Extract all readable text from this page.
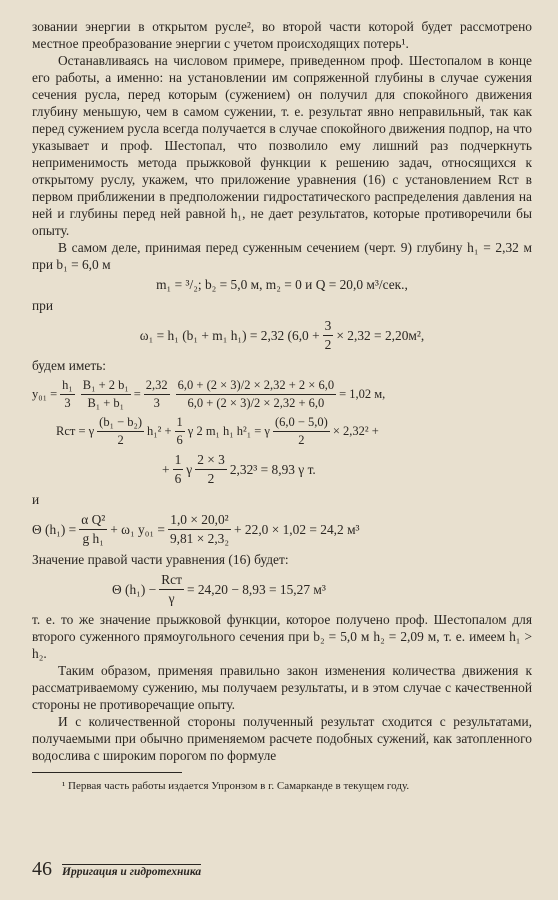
зовании энергии в открытом русле², во второй части которой будет рассмотрено местное преобразование энергии с учетом происходящих потерь¹.

Останавливаясь на числовом примере, приведенном проф. Шестопалом в конце его работы, а именно: на установлении им сопряженной глубины в случае сужения сечения русла, перед которым (сужением) он получил для спокойного движения глубину меньшую, чем в самом сужении, т. е. результат явно неправильный, так как перед сужением русла всегда получается в случае спокойного движения подпор, на что указывает и проф. Шестопал, что позволило ему лишний раз подчеркнуть неприменимость метода прыжковой функции к решению задач, относящихся к открытому руслу, укажем, что приложение уравнения (16) с установлением Rст в первом приближении в предположении гидростатического распределения давления на ней и глубины перед ней равной h₁, не дает результатов, которые противоречили бы опыту.

В самом деле, принимая перед суженным сечением (черт. 9) глубину h₁ = 2,32 м при b₁ = 6,0 м

m₁ = ³/₂; b₂ = 5,0 м, m₂ = 0 и Q = 20,0 м³/сек.,

при

ω₁ = h₁ (b₁ + m₁ h₁) = 2,32 ($6,0 + \frac{3}{2} \times 2,32 = 2,20м^2$,

будем иметь:

$y_{01} = \frac{\text{h₁}}{3} \frac{\text{B₁ + 2 b₁}}{\text{B₁ + b₁}} = \frac{2,32}{3} \frac{6,0 + (2 \times 3)/2 \times 2,32 + 2 \times 6,0}{6,0 + (2 \times 3)/2 \times 2,32 + 6,0} = 1,02$ м,
Rст = γ $\frac{\text{(b₁ − b₂)}}{2} h_1^2 + \frac{1}{6}$ γ 2 m₁ h₁ h²₁ = γ $\frac{(6,0 - 5,0)}{2} \times 2,32^2$ +
+ $\frac{1}{6}$ γ $\frac{2 \times 3}{2} 2,32^3 = 8,93$ γ т.

и

Θ $(h_1) = \frac{\text{α Q²}}{\text{g h₁}} + \omega_1$ $y_{01} = \frac{\text{1,0 × 20,0²}}{\text{9,81 × 2,3₂}} + 22,0 \times 1,02 = 24,2$ м³

Значение правой части уравнения (16) будет:

Θ $(h_1) - \frac{\text{Rст}}{\gamma} = 24,20 - 8,93 = 15,27$ м³

т. е. то же значение прыжковой функции, которое получено проф. Шестопалом для второго суженного прямоугольного сечения при b₂ = 5,0 м h₂ = 2,09 м, т. е. имеем h₁ > h₂.

Таким образом, применяя правильно закон изменения количества движения к рассматриваемому сужению, мы получаем результаты, и в этом случае с качественной стороны не противоречащие опыту.

И с количественной стороны полученный результат сходится с результатами, получаемыми при обычно применяемом расчете подобных сужений, как затопленного водослива с широким порогом по формуле

¹ Первая часть работы издается Упронзом в г. Самарканде в текущем году.
46 Ирригация и гидротехника
